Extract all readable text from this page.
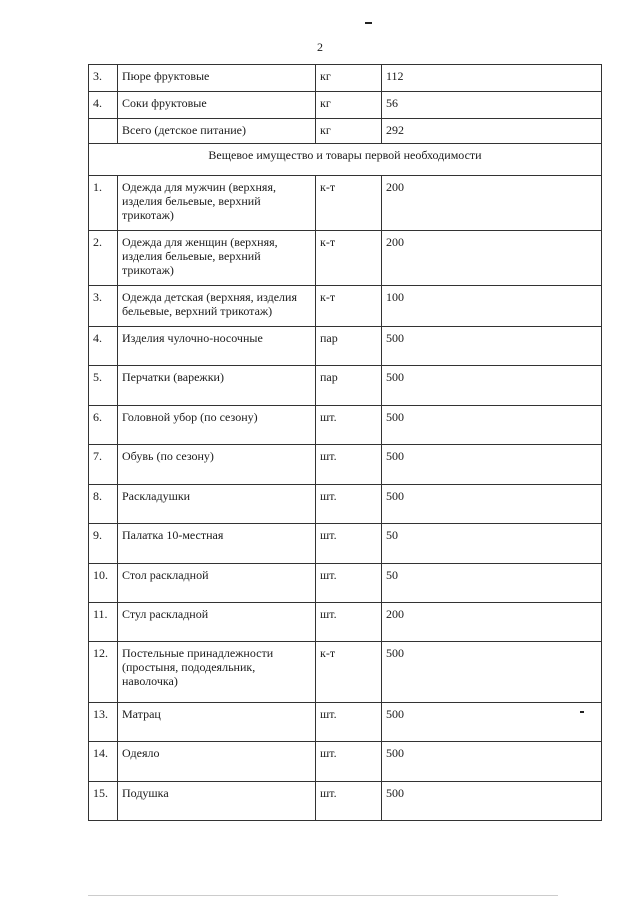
2
3.	Пюре фруктовые	кг	112
4.	Соки фруктовые	кг	56
	Всего (детское питание)	кг	292
Вещевое имущество и товары первой необходимости			
1.	Одежда для мужчин (верхняя, изделия бельевые, верхний трикотаж)	к-т	200
2.	Одежда для женщин (верхняя, изделия бельевые, верхний трикотаж)	к-т	200
3.	Одежда детская (верхняя, изделия бельевые, верхний трикотаж)	к-т	100
4.	Изделия чулочно-носочные	пар	500
5.	Перчатки (варежки)	пар	500
6.	Головной убор (по сезону)	шт.	500
7.	Обувь (по сезону)	шт.	500
8.	Раскладушки	шт.	500
9.	Палатка 10-местная	шт.	50
10.	Стол раскладной	шт.	50
11.	Стул раскладной	шт.	200
12.	Постельные принадлежности (простыня, пододеяльник, наволочка)	к-т	500
13.	Матрац	шт.	500
14.	Одеяло	шт.	500
15.	Подушка	шт.	500
